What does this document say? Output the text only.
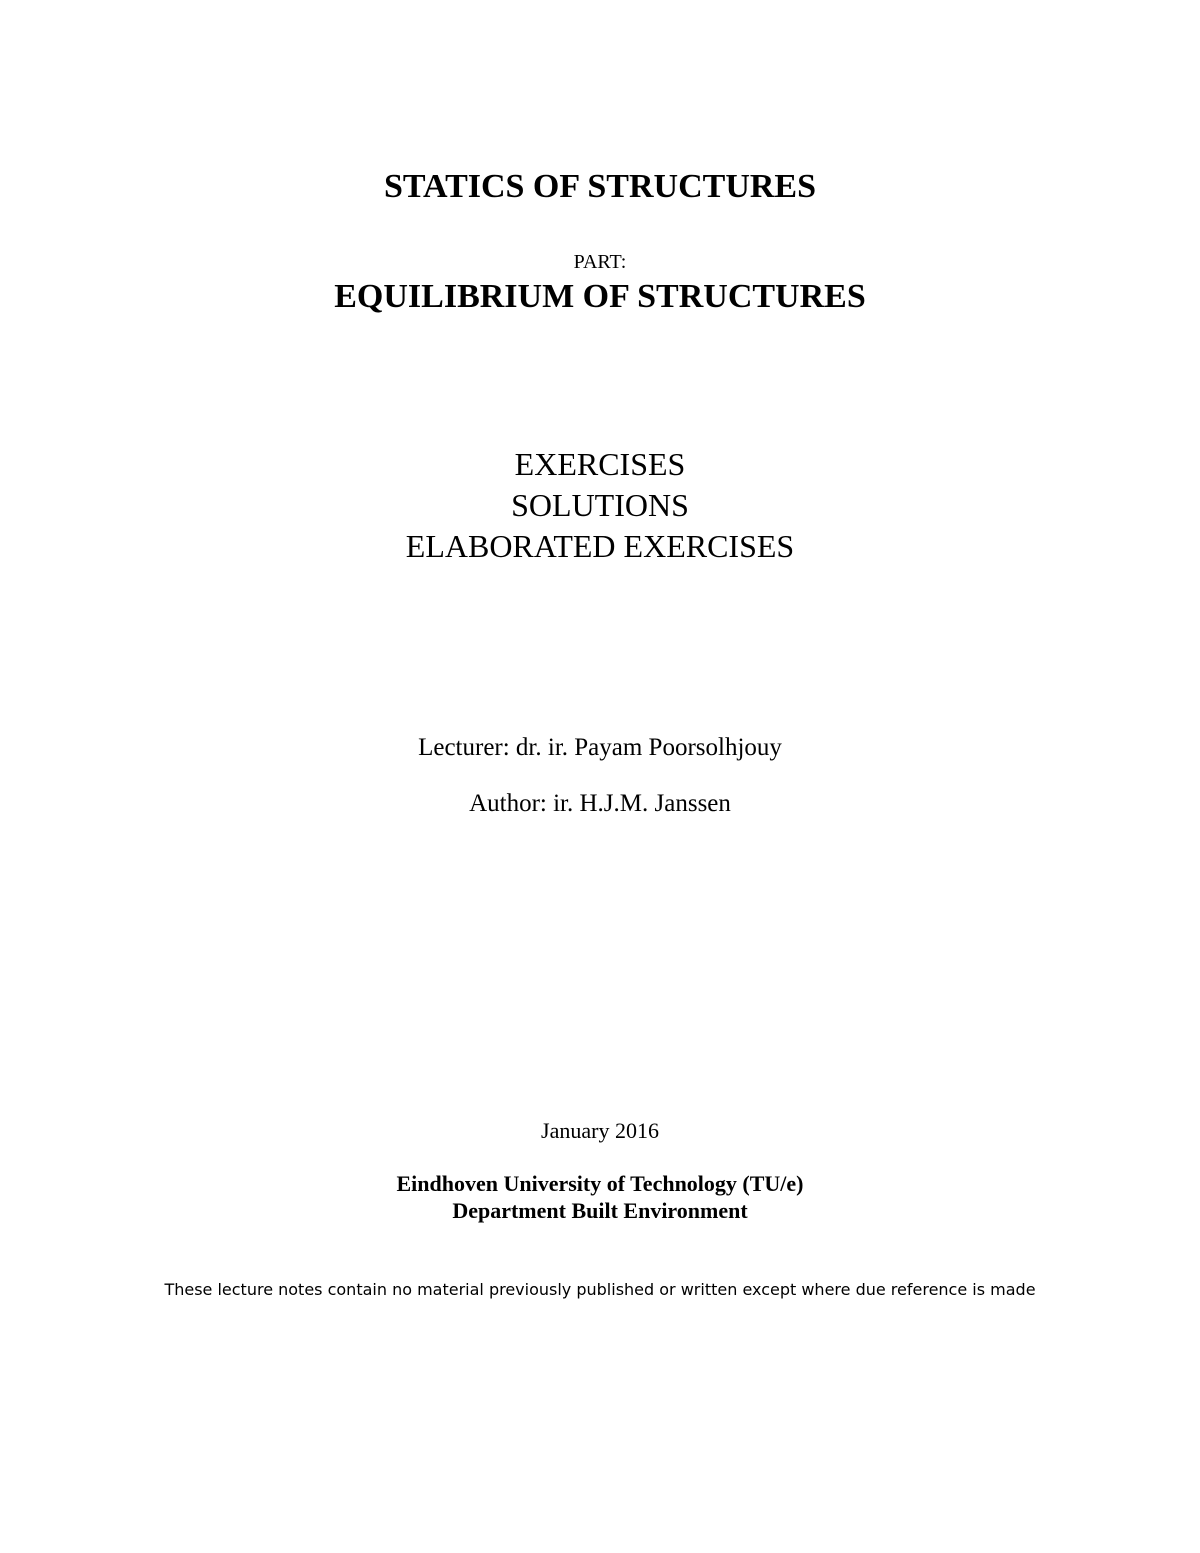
STATICS OF STRUCTURES
PART:
EQUILIBRIUM OF STRUCTURES
EXERCISES
SOLUTIONS
ELABORATED EXERCISES
Lecturer: dr. ir. Payam Poorsolhjouy
Author: ir. H.J.M. Janssen
January 2016
Eindhoven University of Technology (TU/e)
Department Built Environment
These lecture notes contain no material previously published or written except where due reference is made
